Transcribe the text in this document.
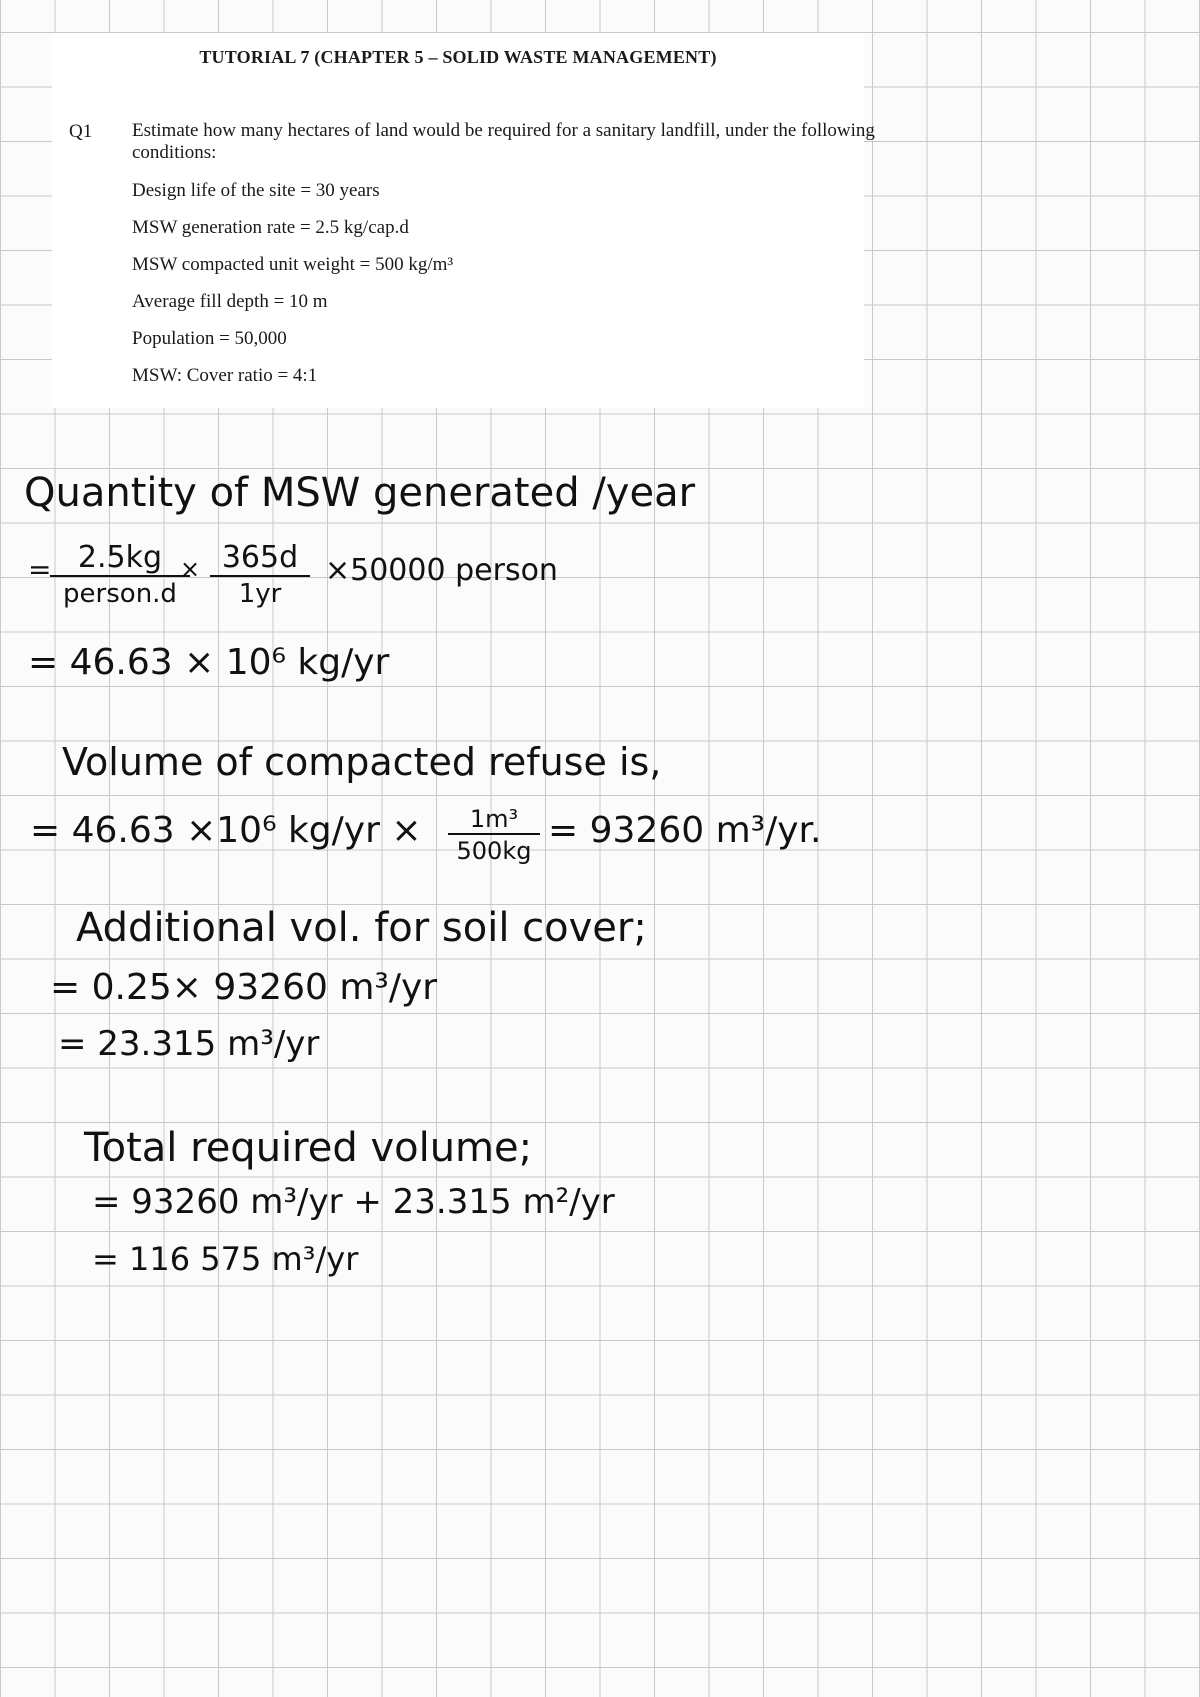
TUTORIAL 7 (CHAPTER 5 – SOLID WASTE MANAGEMENT)
Q1 Estimate how many hectares of land would be required for a sanitary landfill, under the following conditions:
Design life of the site = 30 years
MSW generation rate = 2.5 kg/cap.d
MSW compacted unit weight = 500 kg/m³
Average fill depth = 10 m
Population = 50,000
MSW: Cover ratio = 4:1
Quantity of MSW generated /year
= 2.5kg
person.d
× $\frac{365d}{1yr} \times 50000$ person
= 46.63 × 10⁶ kg/yr
Volume of compacted refuse is,
= 46.63 ×10⁶ $kg/yr \times \frac{\text{1m³}}{500kg} = 93260$ m³/yr.
Additional vol. for soil cover;
= 0.25× 93260 m³/yr
= 23.315 m³/yr
Total required volume;
= 93260 m³/yr + 23.315 m²/yr
= 116 575 m³/yr
